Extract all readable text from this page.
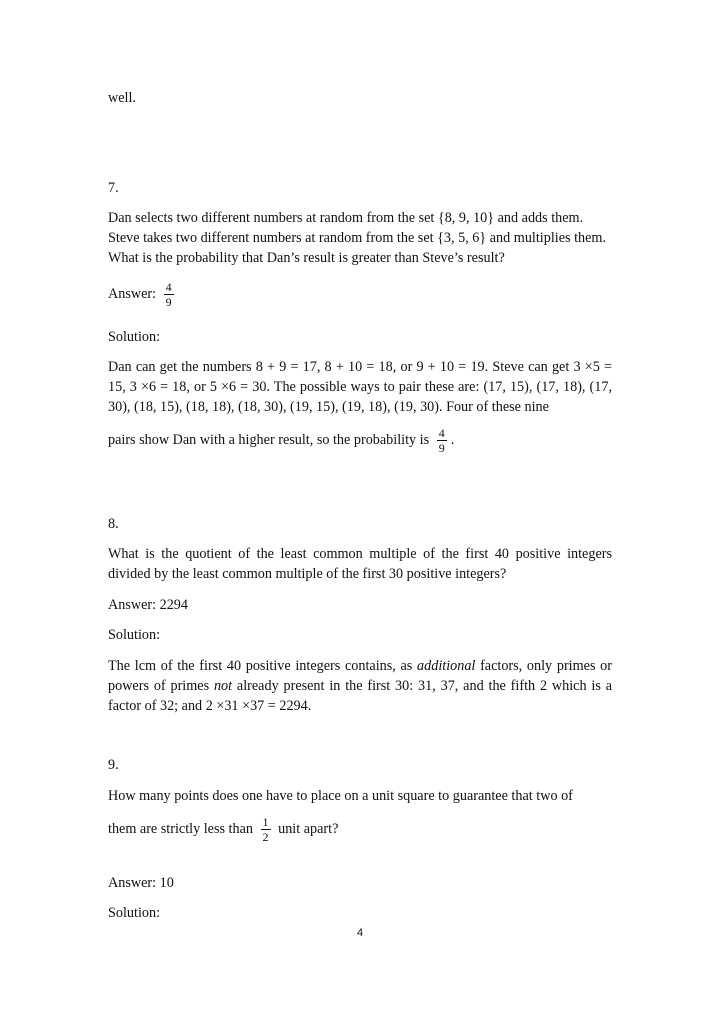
well.

7.

Dan selects two different numbers at random from the set {8, 9, 10} and adds them. Steve takes two different numbers at random from the set {3, 5, 6} and multiplies them. What is the probability that Dan’s result is greater than Steve’s result?

Answer: $\frac{4}{9}$

Solution:

Dan can get the numbers 8 + 9 = 17, 8 + 10 = 18, or 9 + 10 = 19. Steve can get 3 ×5 = 15, 3 ×6 = 18, or 5 ×6 = 30. The possible ways to pair these are: (17, 15), (17, 18), (17, 30), (18, 15), (18, 18), (18, 30), (19, 15), (19, 18), (19, 30). Four of these nine

pairs show Dan with a higher result, so the probability is $\frac{4}{9}$ .

8.

What is the quotient of the least common multiple of the first 40 positive integers divided by the least common multiple of the first 30 positive integers?

Answer: 2294

Solution:

The lcm of the first 40 positive integers contains, as additional factors, only primes or powers of primes not already present in the first 30: 31, 37, and the fifth 2 which is a factor of 32; and 2 ×31 ×37 = 2294.

9.

How many points does one have to place on a unit square to guarantee that two of

them are strictly less than $\frac{1}{2}$ unit apart?

Answer: 10

Solution:

4
